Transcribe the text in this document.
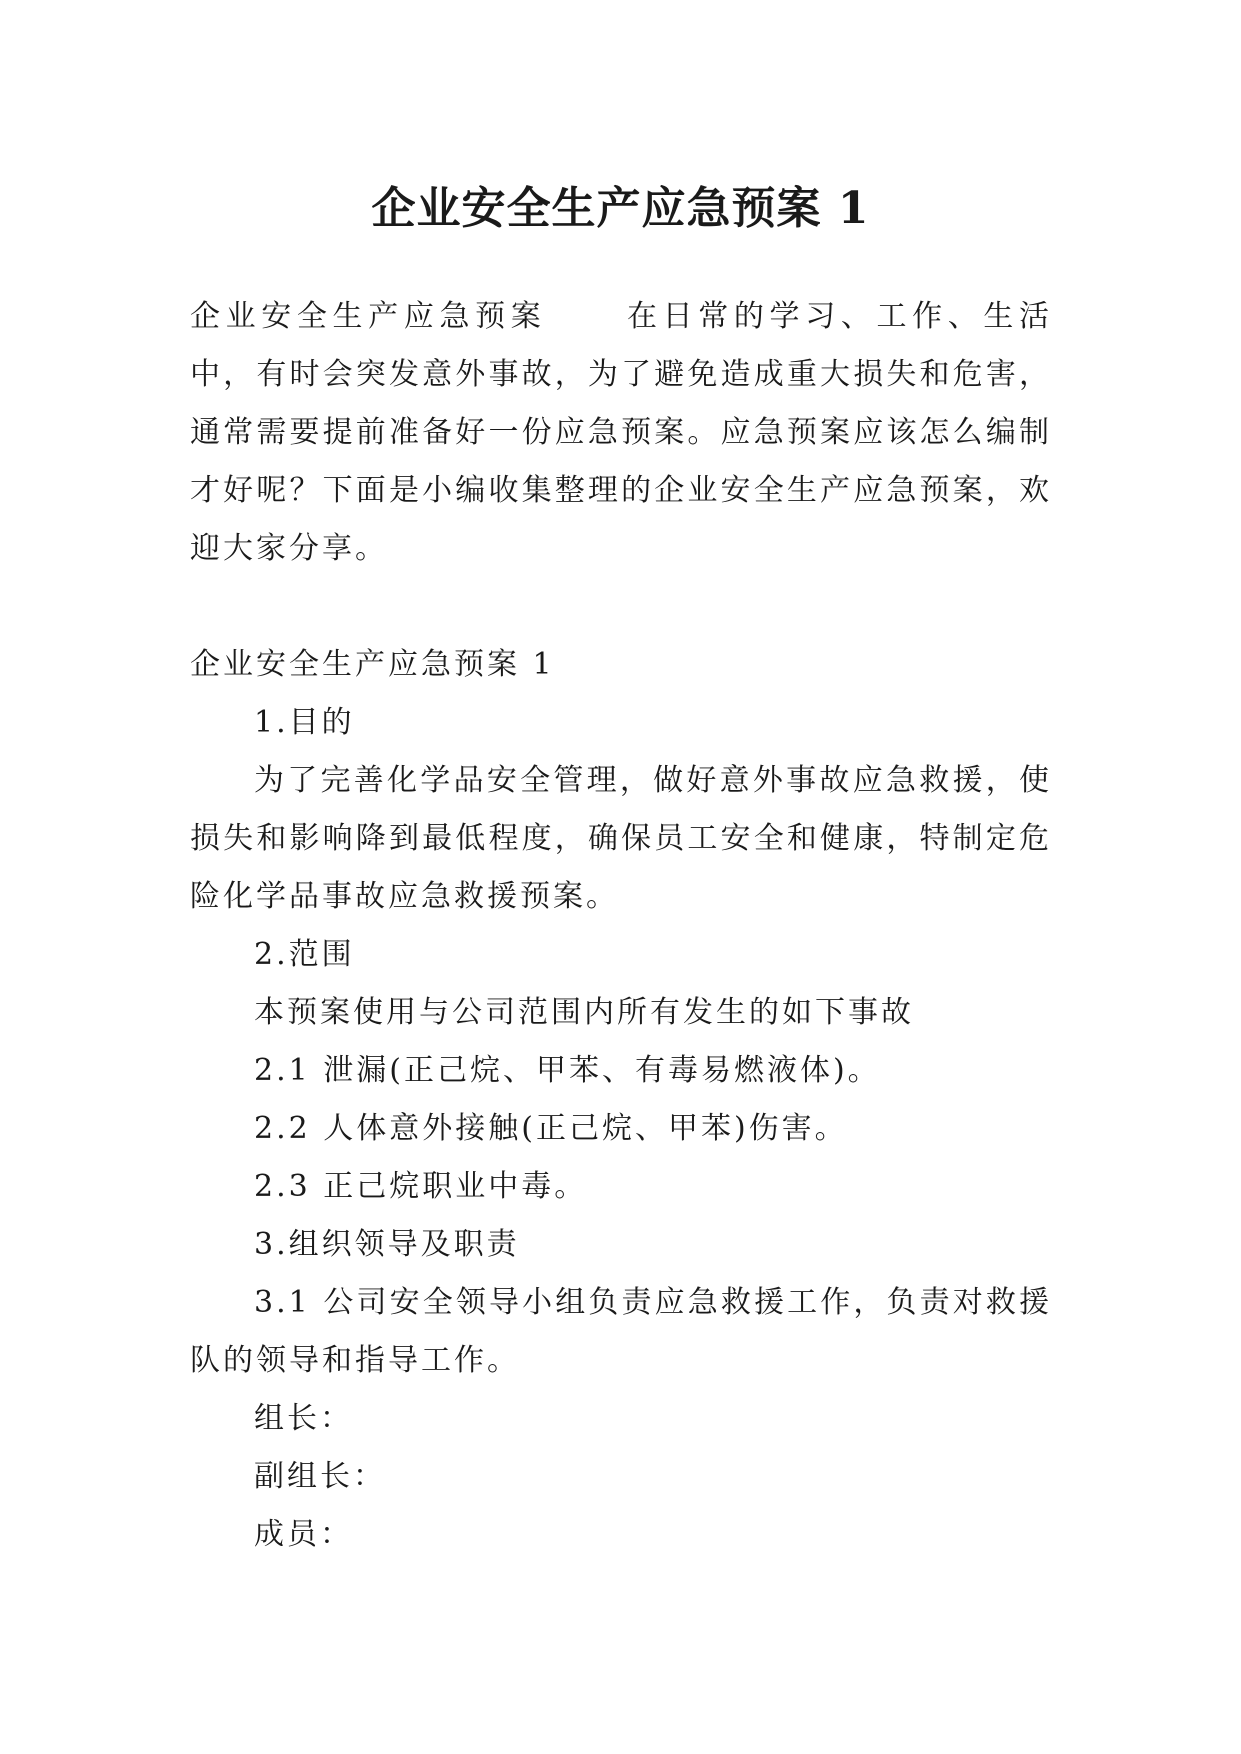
企业安全生产应急预案 1

企业安全生产应急预案	在日常的学习、工作、生活中，有时会突发意外事故，为了避免造成重大损失和危害，通常需要提前准备好一份应急预案。应急预案应该怎么编制才好呢？下面是小编收集整理的企业安全生产应急预案，欢迎大家分享。

企业安全生产应急预案 1

1.目的

为了完善化学品安全管理，做好意外事故应急救援，使损失和影响降到最低程度，确保员工安全和健康，特制定危险化学品事故应急救援预案。

2.范围

本预案使用与公司范围内所有发生的如下事故

2.1 泄漏(正己烷、甲苯、有毒易燃液体)。

2.2 人体意外接触(正己烷、甲苯)伤害。

2.3 正己烷职业中毒。

3.组织领导及职责

3.1 公司安全领导小组负责应急救援工作，负责对救援队的领导和指导工作。

组长：

副组长：

成员：
